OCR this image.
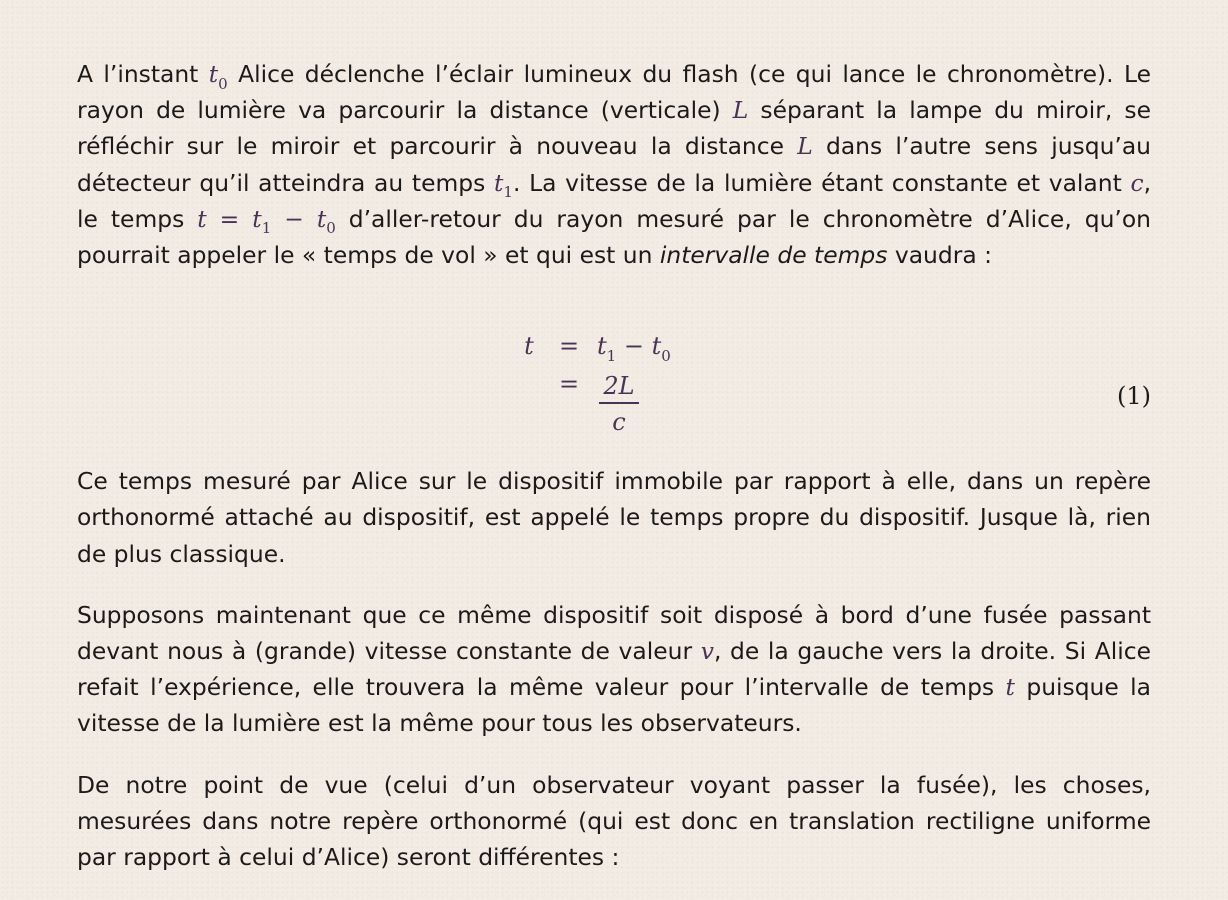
A l’instant $t_0$ Alice déclenche l’éclair lumineux du flash (ce qui lance le chronomètre). Le rayon de lumière va parcourir la distance (verticale) L séparant la lampe du miroir, se réfléchir sur le miroir et parcourir à nouveau la distance L dans l’autre sens jusqu’au détecteur qu’il atteindra au temps $t_1$. La vitesse de la lumière étant constante et valant c, le temps $t = t_1 - t_0$ d’aller-retour du rayon mesuré par le chronomètre d’Alice, qu’on pourrait appeler le « temps de vol » et qui est un intervalle de temps vaudra :

$t = t_1 - t_0$
=	2L
c
(1)

Ce temps mesuré par Alice sur le dispositif immobile par rapport à elle, dans un repère orthonormé attaché au dispositif, est appelé le temps propre du dispositif. Jusque là, rien de plus classique.

Supposons maintenant que ce même dispositif soit disposé à bord d’une fusée passant devant nous à (grande) vitesse constante de valeur v, de la gauche vers la droite. Si Alice refait l’expérience, elle trouvera la même valeur pour l’intervalle de temps t puisque la vitesse de la lumière est la même pour tous les observateurs.

De notre point de vue (celui d’un observateur voyant passer la fusée), les choses, mesurées dans notre repère orthonormé (qui est donc en translation rectiligne uniforme par rapport à celui d’Alice) seront différentes :
